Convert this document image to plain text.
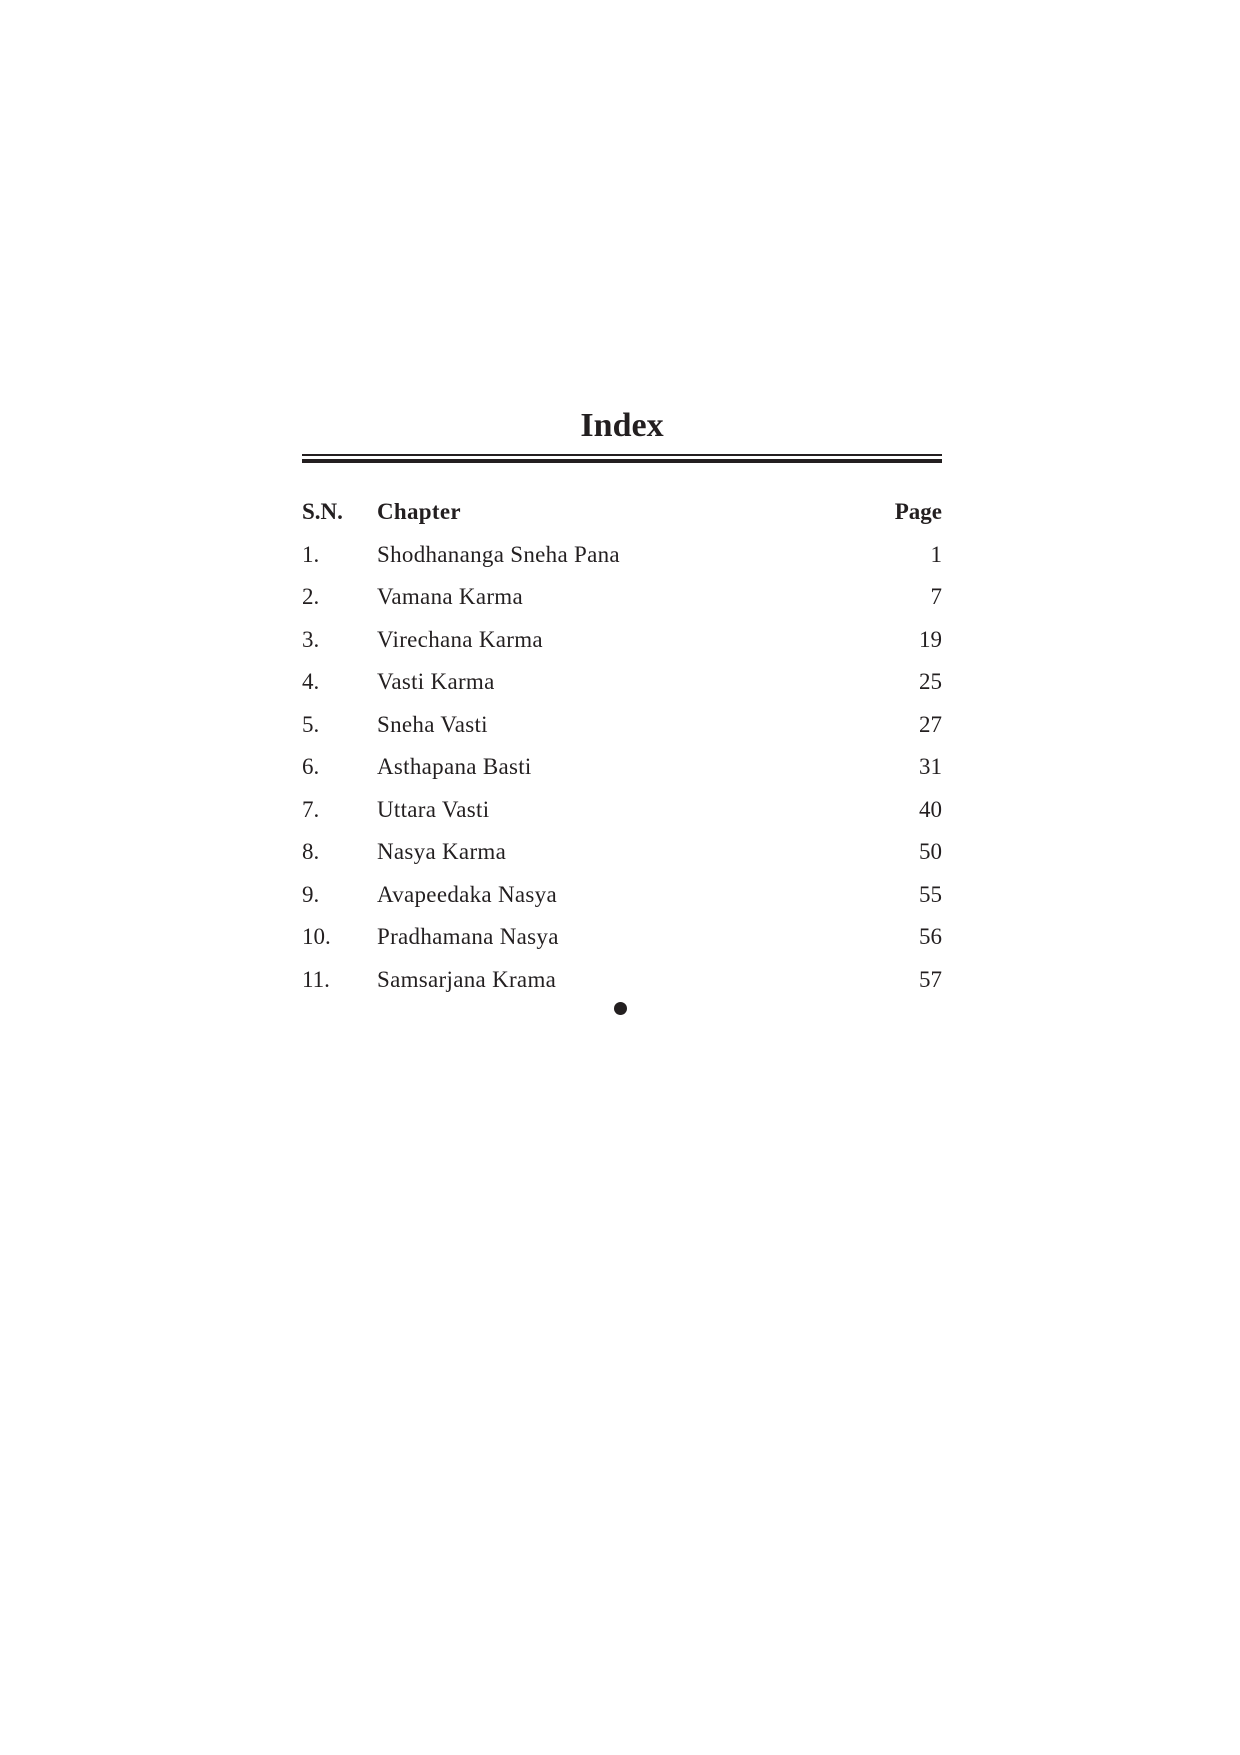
Index
S.N.	Chapter	Page
1.	Shodhananga Sneha Pana	1
2.	Vamana Karma	7
3.	Virechana Karma	19
4.	Vasti Karma	25
5.	Sneha Vasti	27
6.	Asthapana Basti	31
7.	Uttara Vasti	40
8.	Nasya Karma	50
9.	Avapeedaka Nasya	55
10.	Pradhamana Nasya	56
11.	Samsarjana Krama	57
